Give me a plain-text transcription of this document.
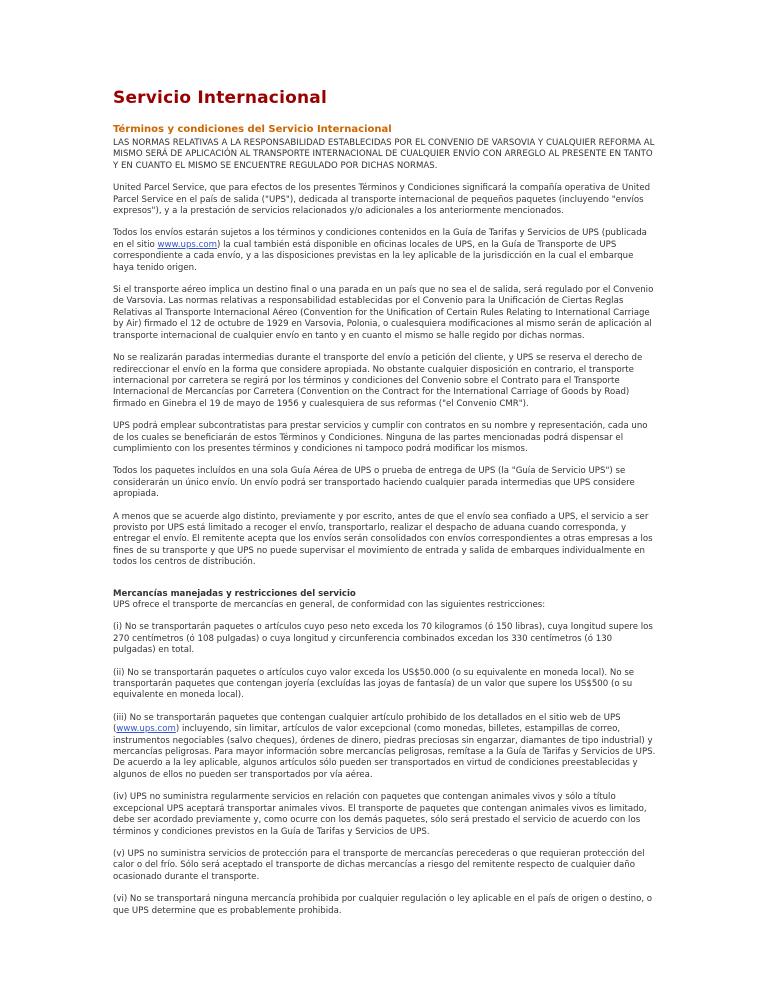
Servicio Internacional
Términos y condiciones del Servicio Internacional

LAS NORMAS RELATIVAS A LA RESPONSABILIDAD ESTABLECIDAS POR EL CONVENIO DE VARSOVIA Y CUALQUIER REFORMA AL MISMO SERÁ DE APLICACIÓN AL TRANSPORTE INTERNACIONAL DE CUALQUIER ENVÍO CON ARREGLO AL PRESENTE EN TANTO Y EN CUANTO EL MISMO SE ENCUENTRE REGULADO POR DICHAS NORMAS.

United Parcel Service, que para efectos de los presentes Términos y Condiciones significará la compañía operativa de United Parcel Service en el país de salida ("UPS"), dedicada al transporte internacional de pequeños paquetes (incluyendo "envíos expresos"), y a la prestación de servicios relacionados y/o adicionales a los anteriormente mencionados.

Todos los envíos estarán sujetos a los términos y condiciones contenidos en la Guía de Tarifas y Servicios de UPS (publicada en el sitio www.ups.com) la cual también está disponible en oficinas locales de UPS, en la Guía de Transporte de UPS correspondiente a cada envío, y a las disposiciones previstas en la ley aplicable de la jurisdicción en la cual el embarque haya tenido origen.

Si el transporte aéreo implica un destino final o una parada en un país que no sea el de salida, será regulado por el Convenio de Varsovia. Las normas relativas a responsabilidad establecidas por el Convenio para la Unificación de Ciertas Reglas Relativas al Transporte Internacional Aéreo (Convention for the Unification of Certain Rules Relating to International Carriage by Air) firmado el 12 de octubre de 1929 en Varsovia, Polonia, o cualesquiera modificaciones al mismo serán de aplicación al transporte internacional de cualquier envío en tanto y en cuanto el mismo se halle regido por dichas normas.

No se realizarán paradas intermedias durante el transporte del envío a petición del cliente, y UPS se reserva el derecho de redireccionar el envío en la forma que considere apropiada. No obstante cualquier disposición en contrario, el transporte internacional por carretera se regirá por los términos y condiciones del Convenio sobre el Contrato para el Transporte Internacional de Mercancías por Carretera (Convention on the Contract for the International Carriage of Goods by Road) firmado en Ginebra el 19 de mayo de 1956 y cualesquiera de sus reformas ("el Convenio CMR").

UPS podrá emplear subcontratistas para prestar servicios y cumplir con contratos en su nombre y representación, cada uno de los cuales se beneficiarán de estos Términos y Condiciones. Ninguna de las partes mencionadas podrá dispensar el cumplimiento con los presentes términos y condiciones ni tampoco podrá modificar los mismos.

Todos los paquetes incluídos en una sola Guía Aérea de UPS o prueba de entrega de UPS (la "Guía de Servicio UPS") se considerarán un único envío. Un envío podrá ser transportado haciendo cualquier parada intermedias que UPS considere apropiada.

A menos que se acuerde algo distinto, previamente y por escrito, antes de que el envío sea confiado a UPS, el servicio a ser provisto por UPS está limitado a recoger el envío, transportarlo, realizar el despacho de aduana cuando corresponda, y entregar el envío. El remitente acepta que los envíos serán consolidados con envíos correspondientes a otras empresas a los fines de su transporte y que UPS no puede supervisar el movimiento de entrada y salida de embarques individualmente en todos los centros de distribución.

Mercancías manejadas y restricciones del servicio

UPS ofrece el transporte de mercancías en general, de conformidad con las siguientes restricciones:

(i) No se transportarán paquetes o artículos cuyo peso neto exceda los 70 kilogramos (ó 150 libras), cuya longitud supere los 270 centímetros (ó 108 pulgadas) o cuya longitud y circunferencia combinados excedan los 330 centímetros (ó 130 pulgadas) en total.

(ii) No se transportarán paquetes o artículos cuyo valor exceda los US$50.000 (o su equivalente en moneda local). No se transportarán paquetes que contengan joyería (excluídas las joyas de fantasía) de un valor que supere los US$500 (o su equivalente en moneda local).

(iii) No se transportarán paquetes que contengan cualquier artículo prohibido de los detallados en el sitio web de UPS (www.ups.com) incluyendo, sin limitar, artículos de valor excepcional (como monedas, billetes, estampillas de correo, instrumentos negociables (salvo cheques), órdenes de dinero, piedras preciosas sin engarzar, diamantes de tipo industrial) y mercancías peligrosas. Para mayor información sobre mercancías peligrosas, remítase a la Guía de Tarifas y Servicios de UPS. De acuerdo a la ley aplicable, algunos artículos sólo pueden ser transportados en virtud de condiciones preestablecidas y algunos de ellos no pueden ser transportados por vía aérea.

(iv) UPS no suministra regularmente servicios en relación con paquetes que contengan animales vivos y sólo a título excepcional UPS aceptará transportar animales vivos. El transporte de paquetes que contengan animales vivos es limitado, debe ser acordado previamente y, como ocurre con los demás paquetes, sólo será prestado el servicio de acuerdo con los términos y condiciones previstos en la Guía de Tarifas y Servicios de UPS.

(v) UPS no suministra servicios de protección para el transporte de mercancías perecederas o que requieran protección del calor o del frío. Sólo será aceptado el transporte de dichas mercancías a riesgo del remitente respecto de cualquier daño ocasionado durante el transporte.

(vi) No se transportará ninguna mercancía prohibida por cualquier regulación o ley aplicable en el país de origen o destino, o que UPS determine que es probablemente prohibida.
